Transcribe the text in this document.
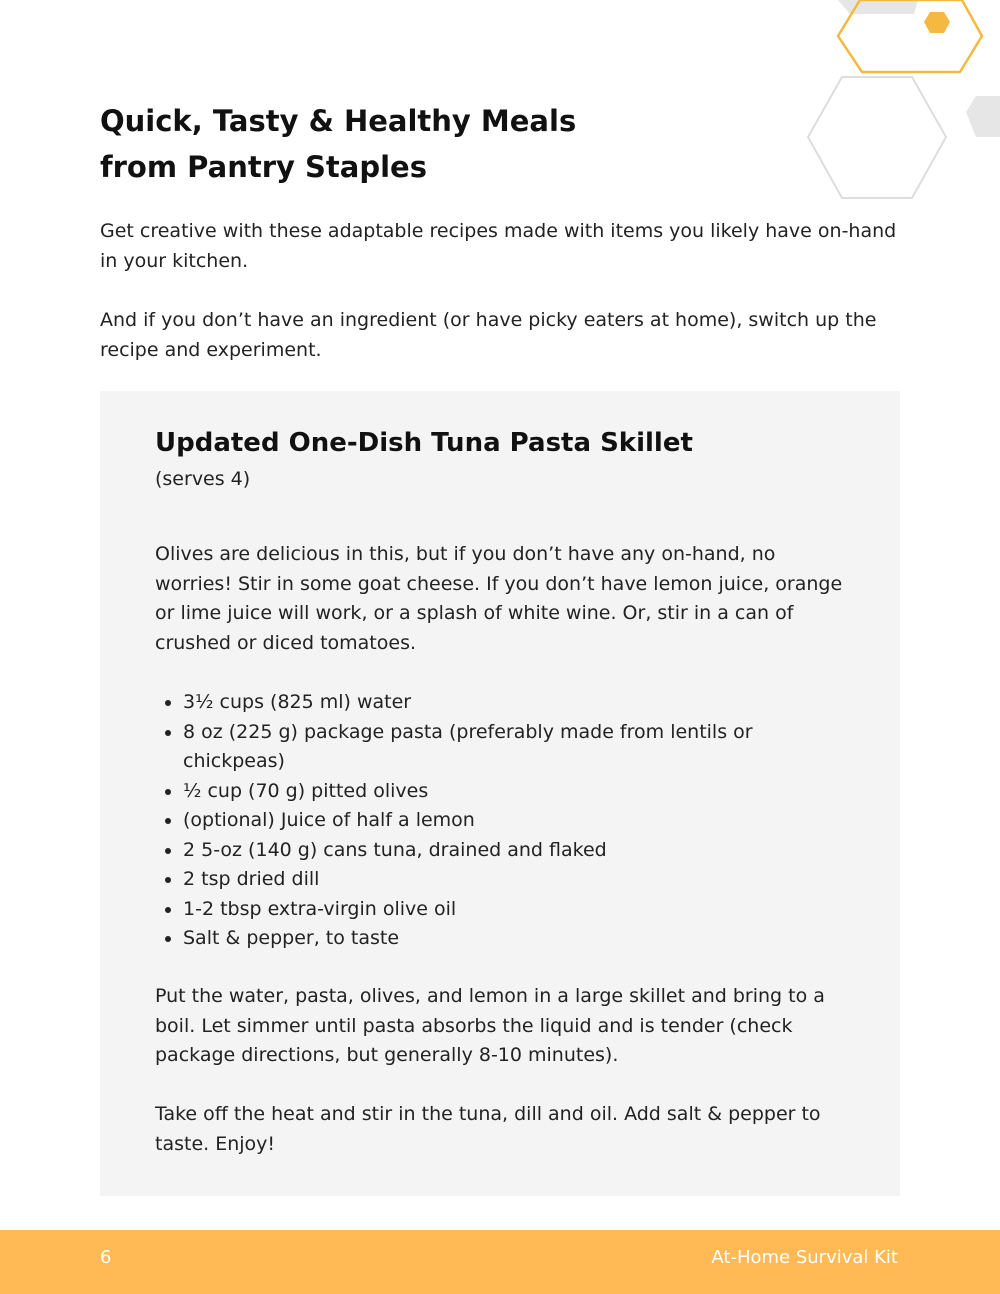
Quick, Tasty & Healthy Meals
from Pantry Staples

Get creative with these adaptable recipes made with items you likely have on-hand in your kitchen.

And if you don’t have an ingredient (or have picky eaters at home), switch up the recipe and experiment.

Updated One-Dish Tuna Pasta Skillet
(serves 4)

Olives are delicious in this, but if you don’t have any on-hand, no worries! Stir in some goat cheese. If you don’t have lemon juice, orange or lime juice will work, or a splash of white wine. Or, stir in a can of crushed or diced tomatoes.

• 3½ cups (825 ml) water
• 8 oz (225 g) package pasta (preferably made from lentils or chickpeas)
• ½ cup (70 g) pitted olives
• (optional) Juice of half a lemon
• 2 5-oz (140 g) cans tuna, drained and flaked
• 2 tsp dried dill
• 1-2 tbsp extra-virgin olive oil
• Salt & pepper, to taste

Put the water, pasta, olives, and lemon in a large skillet and bring to a boil. Let simmer until pasta absorbs the liquid and is tender (check package directions, but generally 8-10 minutes).

Take off the heat and stir in the tuna, dill and oil. Add salt & pepper to taste. Enjoy!

6	At-Home Survival Kit
